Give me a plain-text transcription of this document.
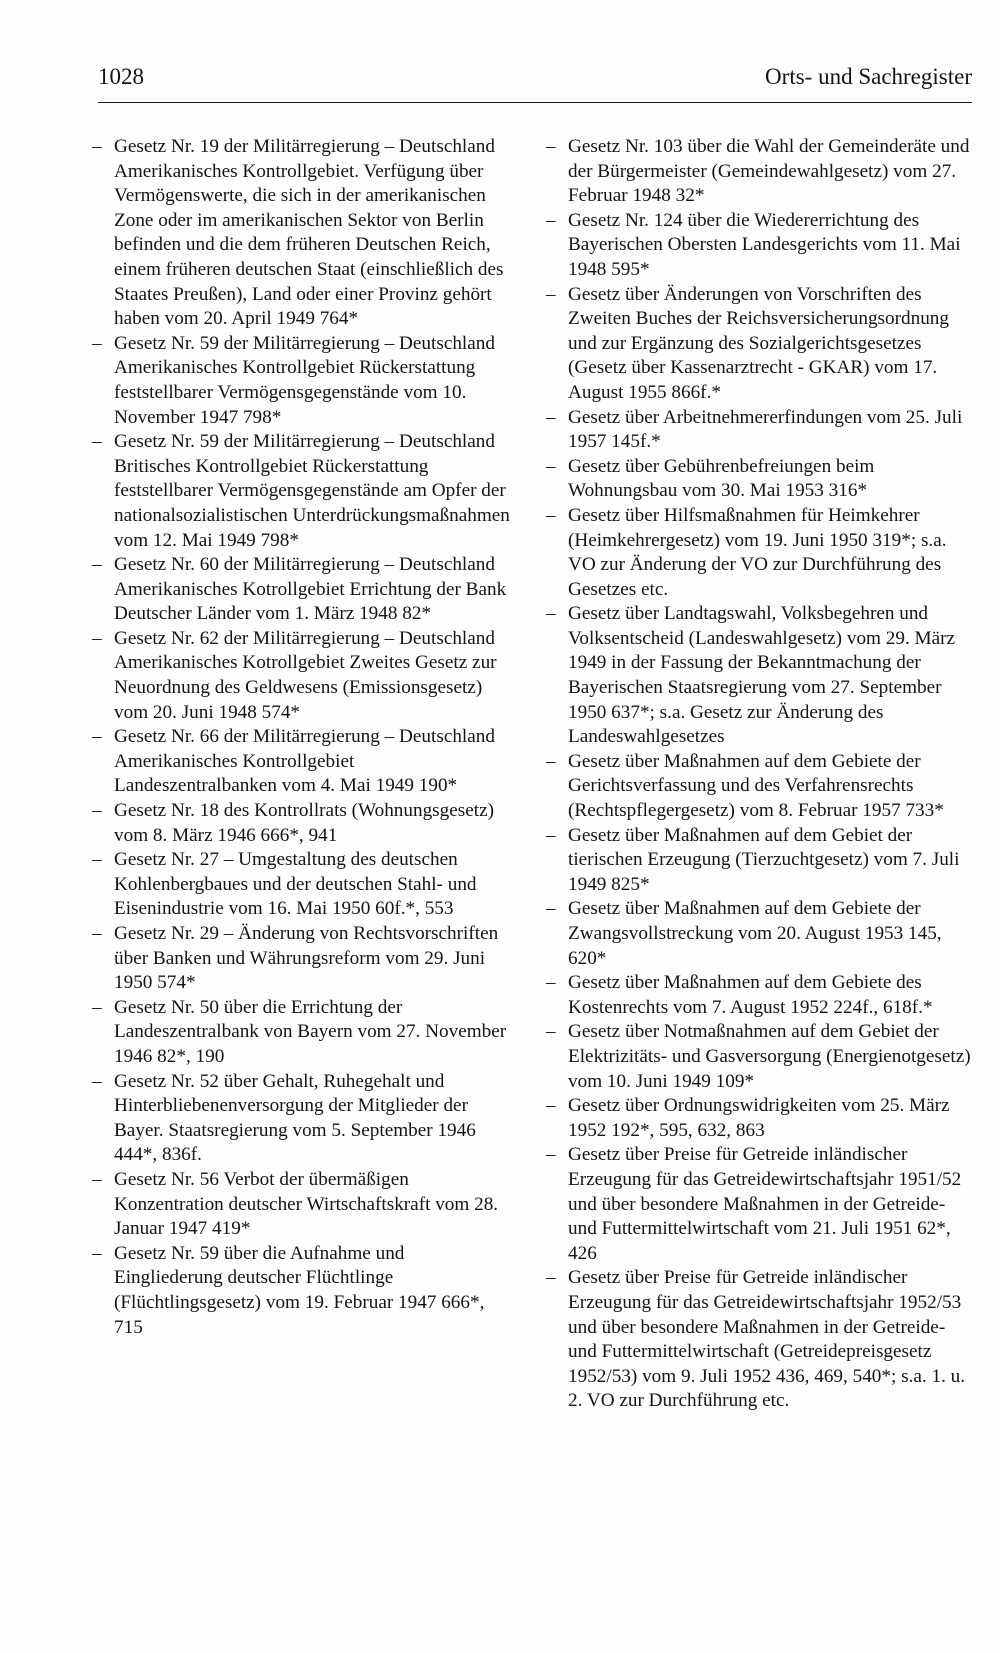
1028	Orts- und Sachregister
– Gesetz Nr. 19 der Militärregierung – Deutschland Amerikanisches Kontrollgebiet. Verfügung über Vermögenswerte, die sich in der amerikanischen Zone oder im amerikanischen Sektor von Berlin befinden und die dem früheren Deutschen Reich, einem früheren deutschen Staat (einschließlich des Staates Preußen), Land oder einer Provinz gehört haben vom 20. April 1949 764*
– Gesetz Nr. 59 der Militärregierung – Deutschland Amerikanisches Kontrollgebiet Rückerstattung feststellbarer Vermögensgegenstände vom 10. November 1947 798*
– Gesetz Nr. 59 der Militärregierung – Deutschland Britisches Kontrollgebiet Rückerstattung feststellbarer Vermögensgegenstände am Opfer der nationalsozialistischen Unterdrückungsmaßnahmen vom 12. Mai 1949 798*
– Gesetz Nr. 60 der Militärregierung – Deutschland Amerikanisches Kotrollgebiet Errichtung der Bank Deutscher Länder vom 1. März 1948 82*
– Gesetz Nr. 62 der Militärregierung – Deutschland Amerikanisches Kotrollgebiet Zweites Gesetz zur Neuordnung des Geldwesens (Emissionsgesetz) vom 20. Juni 1948 574*
– Gesetz Nr. 66 der Militärregierung – Deutschland Amerikanisches Kontrollgebiet Landeszentralbanken vom 4. Mai 1949 190*
– Gesetz Nr. 18 des Kontrollrats (Wohnungsgesetz) vom 8. März 1946 666*, 941
– Gesetz Nr. 27 – Umgestaltung des deutschen Kohlenbergbaues und der deutschen Stahl- und Eisenindustrie vom 16. Mai 1950 60f.*, 553
– Gesetz Nr. 29 – Änderung von Rechtsvorschriften über Banken und Währungsreform vom 29. Juni 1950 574*
– Gesetz Nr. 50 über die Errichtung der Landeszentralbank von Bayern vom 27. November 1946 82*, 190
– Gesetz Nr. 52 über Gehalt, Ruhegehalt und Hinterbliebenenversorgung der Mitglieder der Bayer. Staatsregierung vom 5. September 1946 444*, 836f.
– Gesetz Nr. 56 Verbot der übermäßigen Konzentration deutscher Wirtschaftskraft vom 28. Januar 1947 419*
– Gesetz Nr. 59 über die Aufnahme und Eingliederung deutscher Flüchtlinge (Flüchtlingsgesetz) vom 19. Februar 1947 666*, 715
– Gesetz Nr. 103 über die Wahl der Gemeinderäte und der Bürgermeister (Gemeindewahlgesetz) vom 27. Februar 1948 32*
– Gesetz Nr. 124 über die Wiedererrichtung des Bayerischen Obersten Landesgerichts vom 11. Mai 1948 595*
– Gesetz über Änderungen von Vorschriften des Zweiten Buches der Reichsversicherungsordnung und zur Ergänzung des Sozialgerichtsgesetzes (Gesetz über Kassenarztrecht - GKAR) vom 17. August 1955 866f.*
– Gesetz über Arbeitnehmererfindungen vom 25. Juli 1957 145f.*
– Gesetz über Gebührenbefreiungen beim Wohnungsbau vom 30. Mai 1953 316*
– Gesetz über Hilfsmaßnahmen für Heimkehrer (Heimkehrergesetz) vom 19. Juni 1950 319*; s.a. VO zur Änderung der VO zur Durchführung des Gesetzes etc.
– Gesetz über Landtagswahl, Volksbegehren und Volksentscheid (Landeswahlgesetz) vom 29. März 1949 in der Fassung der Bekanntmachung der Bayerischen Staatsregierung vom 27. September 1950 637*; s.a. Gesetz zur Änderung des Landeswahlgesetzes
– Gesetz über Maßnahmen auf dem Gebiete der Gerichtsverfassung und des Verfahrensrechts (Rechtspflegergesetz) vom 8. Februar 1957 733*
– Gesetz über Maßnahmen auf dem Gebiet der tierischen Erzeugung (Tierzuchtgesetz) vom 7. Juli 1949 825*
– Gesetz über Maßnahmen auf dem Gebiete der Zwangsvollstreckung vom 20. August 1953 145, 620*
– Gesetz über Maßnahmen auf dem Gebiete des Kostenrechts vom 7. August 1952 224f., 618f.*
– Gesetz über Notmaßnahmen auf dem Gebiet der Elektrizitäts- und Gasversorgung (Energienotgesetz) vom 10. Juni 1949 109*
– Gesetz über Ordnungswidrigkeiten vom 25. März 1952 192*, 595, 632, 863
– Gesetz über Preise für Getreide inländischer Erzeugung für das Getreidewirtschaftsjahr 1951/52 und über besondere Maßnahmen in der Getreide- und Futtermittelwirtschaft vom 21. Juli 1951 62*, 426
– Gesetz über Preise für Getreide inländischer Erzeugung für das Getreidewirtschaftsjahr 1952/53 und über besondere Maßnahmen in der Getreide- und Futtermittelwirtschaft (Getreidepreisgesetz 1952/53) vom 9. Juli 1952 436, 469, 540*; s.a. 1. u. 2. VO zur Durchführung etc.
